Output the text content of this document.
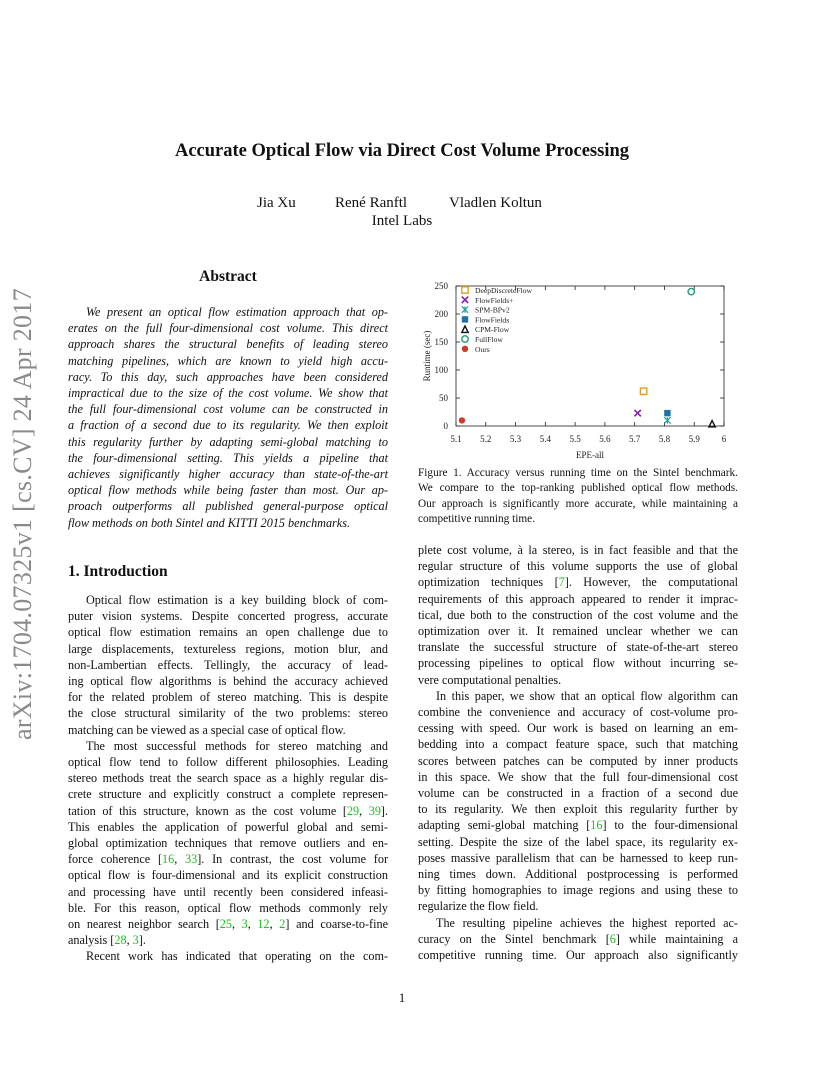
arXiv:1704.07325v1 [cs.CV] 24 Apr 2017
Accurate Optical Flow via Direct Cost Volume Processing
Jia Xu	René Ranftl	Vladlen Koltun
Intel Labs
Abstract
We present an optical flow estimation approach that op-
erates on the full four-dimensional cost volume. This direct
approach shares the structural benefits of leading stereo
matching pipelines, which are known to yield high accu-
racy. To this day, such approaches have been considered
impractical due to the size of the cost volume. We show that
the full four-dimensional cost volume can be constructed in
a fraction of a second due to its regularity. We then exploit
this regularity further by adapting semi-global matching to
the four-dimensional setting. This yields a pipeline that
achieves significantly higher accuracy than state-of-the-art
optical flow methods while being faster than most. Our ap-
proach outperforms all published general-purpose optical
flow methods on both Sintel and KITTI 2015 benchmarks.
1. Introduction
Optical flow estimation is a key building block of com-
puter vision systems. Despite concerted progress, accurate
optical flow estimation remains an open challenge due to
large displacements, textureless regions, motion blur, and
non-Lambertian effects. Tellingly, the accuracy of lead-
ing optical flow algorithms is behind the accuracy achieved
for the related problem of stereo matching. This is despite
the close structural similarity of the two problems: stereo
matching can be viewed as a special case of optical flow.
The most successful methods for stereo matching and
optical flow tend to follow different philosophies. Leading
stereo methods treat the search space as a highly regular dis-
crete structure and explicitly construct a complete represen-
tation of this structure, known as the cost volume [29, 39].
This enables the application of powerful global and semi-
global optimization techniques that remove outliers and en-
force coherence [16, 33]. In contrast, the cost volume for
optical flow is four-dimensional and its explicit construction
and processing have until recently been considered infeasi-
ble. For this reason, optical flow methods commonly rely
on nearest neighbor search [25, 3, 12, 2] and coarse-to-fine
analysis [28, 3].
Recent work has indicated that operating on the com-
5.1 5.2 5.3 5.4 5.5 5.6 5.7 5.8 5.9 6
0
50
100
150
200
250
EPE-all
Runtime (sec)
DeepDiscreteFlow
FlowFields+
SPM-BPv2
FlowFields
CPM-Flow
FullFlow
Ours
Figure 1. Accuracy versus running time on the Sintel benchmark.
We compare to the top-ranking published optical flow methods.
Our approach is significantly more accurate, while maintaining a
competitive running time.
plete cost volume, à la stereo, is in fact feasible and that the
regular structure of this volume supports the use of global
optimization techniques [7]. However, the computational
requirements of this approach appeared to render it imprac-
tical, due both to the construction of the cost volume and the
optimization over it. It remained unclear whether we can
translate the successful structure of state-of-the-art stereo
processing pipelines to optical flow without incurring se-
vere computational penalties.
In this paper, we show that an optical flow algorithm can
combine the convenience and accuracy of cost-volume pro-
cessing with speed. Our work is based on learning an em-
bedding into a compact feature space, such that matching
scores between patches can be computed by inner products
in this space. We show that the full four-dimensional cost
volume can be constructed in a fraction of a second due
to its regularity. We then exploit this regularity further by
adapting semi-global matching [16] to the four-dimensional
setting. Despite the size of the label space, its regularity ex-
poses massive parallelism that can be harnessed to keep run-
ning times down. Additional postprocessing is performed
by fitting homographies to image regions and using these to
regularize the flow field.
The resulting pipeline achieves the highest reported ac-
curacy on the Sintel benchmark [6] while maintaining a
competitive running time. Our approach also significantly
1
